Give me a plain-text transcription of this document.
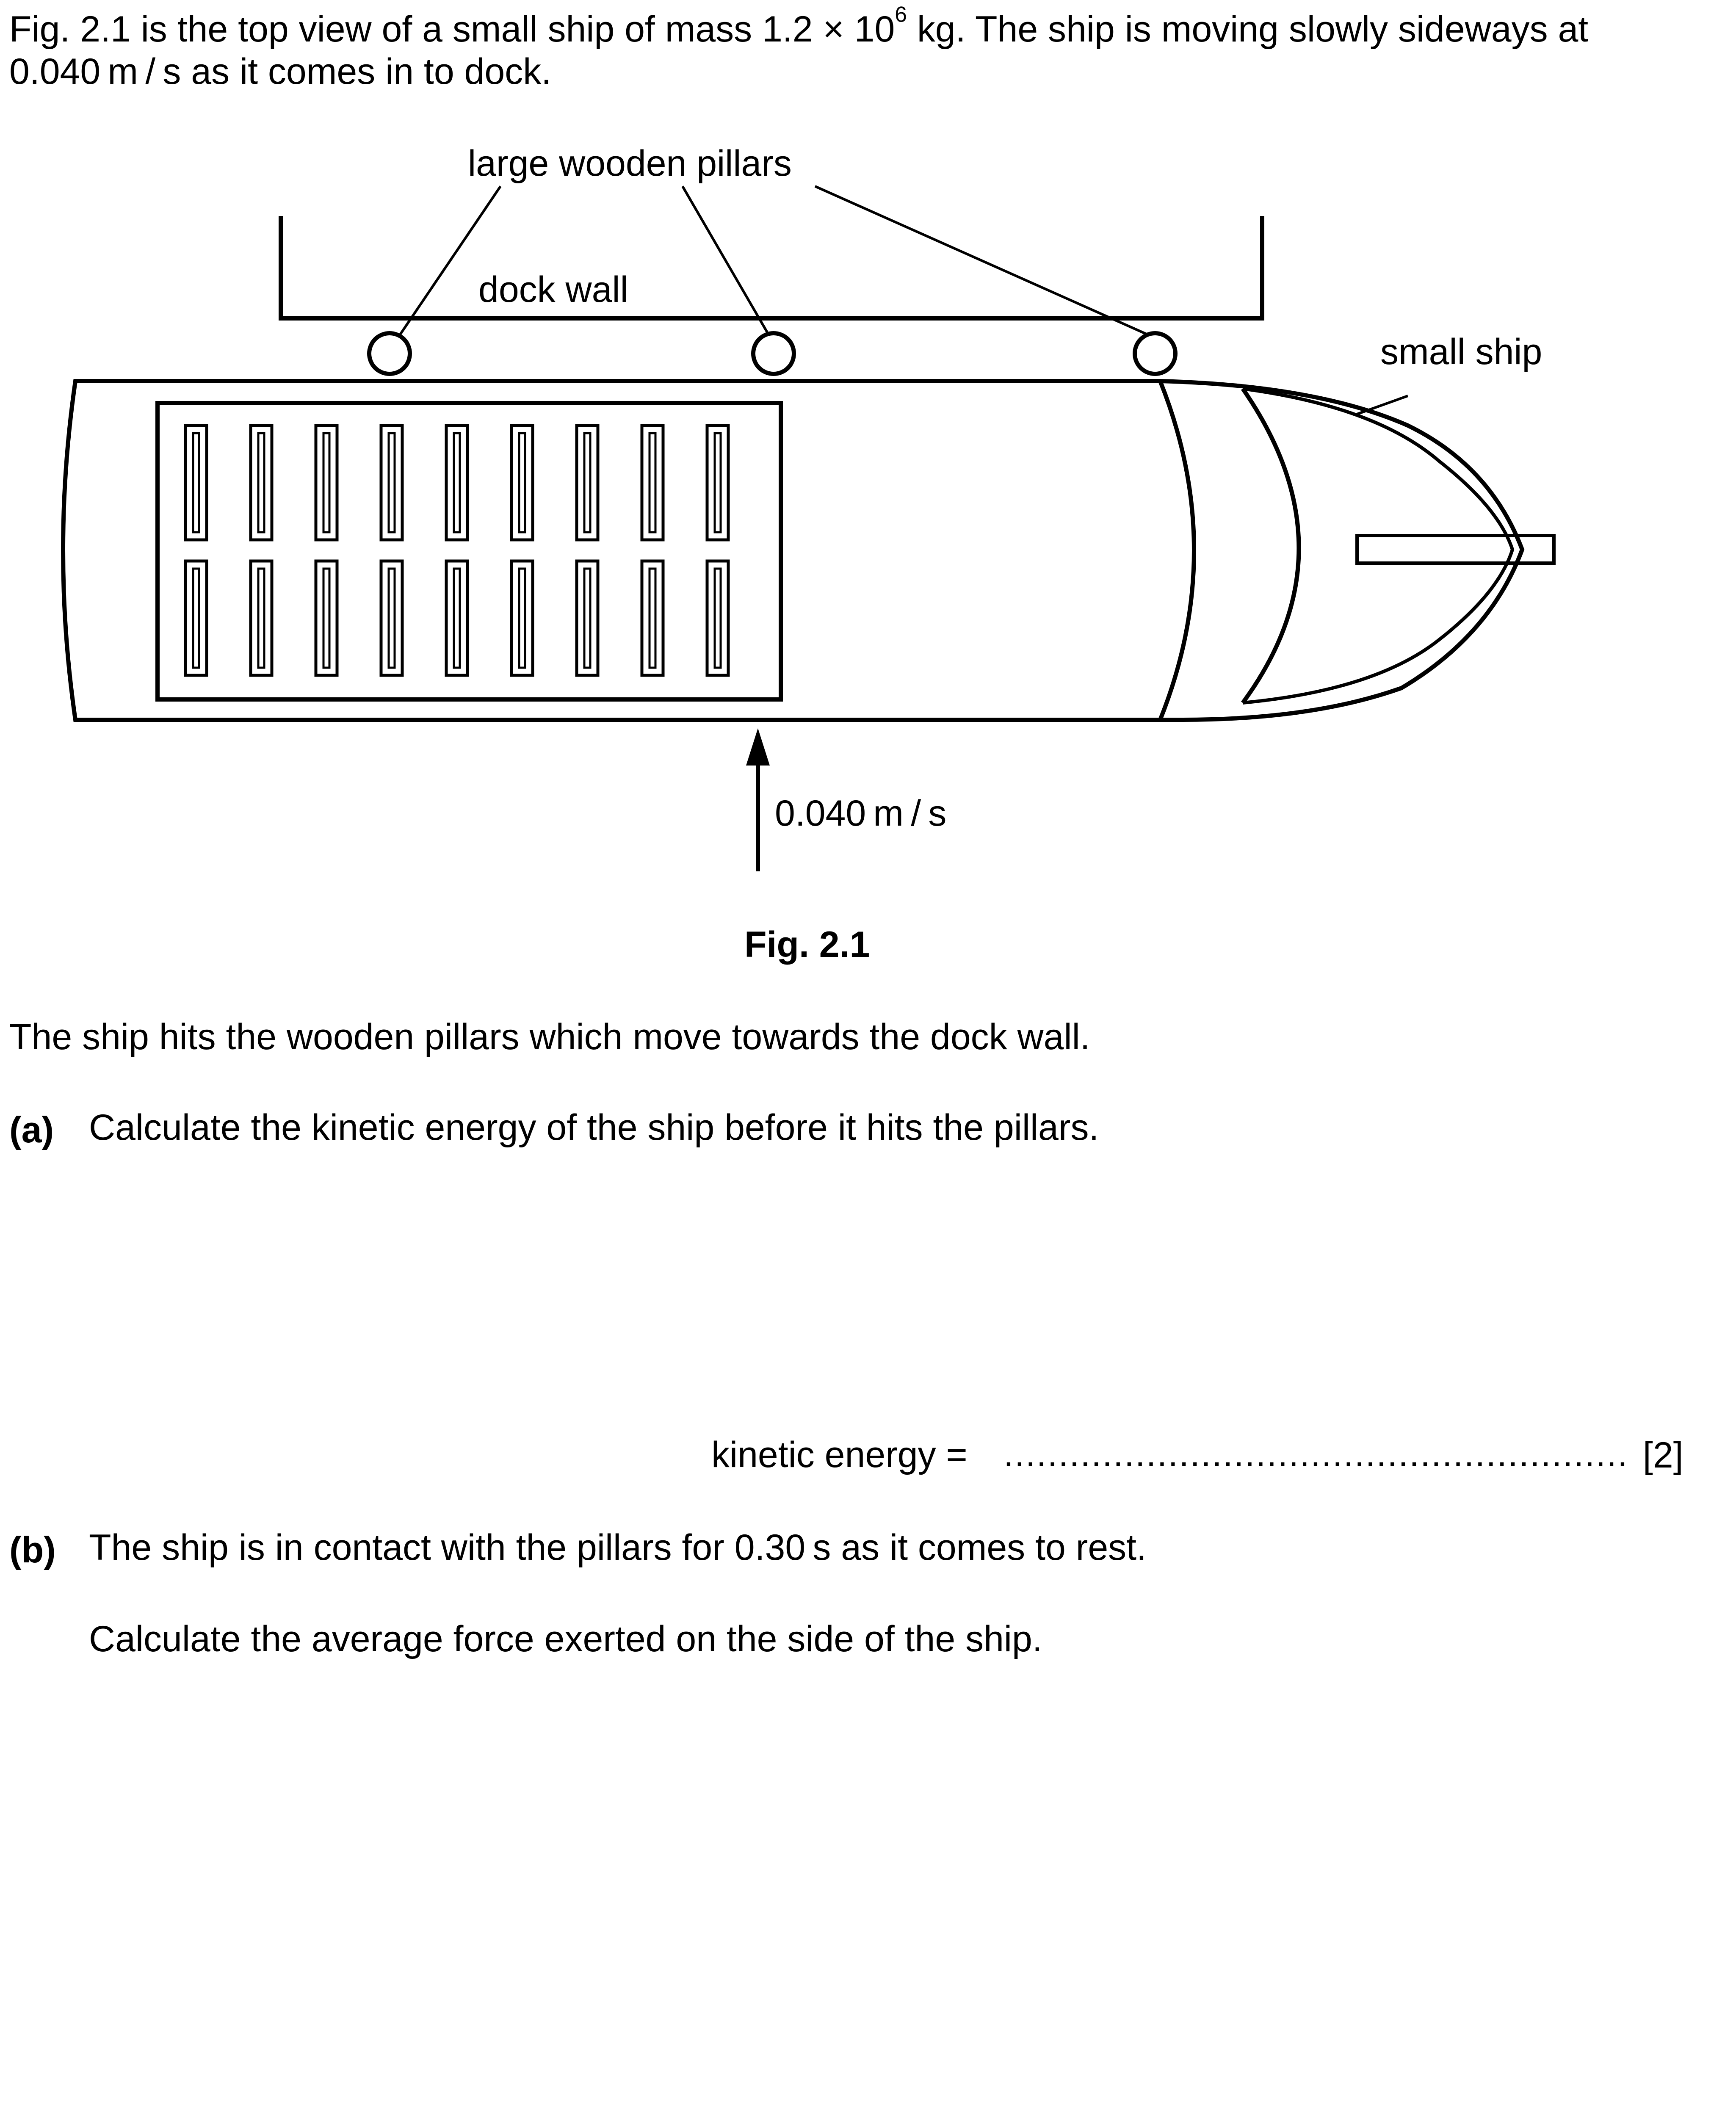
Fig. 2.1 is the top view of a small ship of mass $1.2 \times 10^6$ kg. The ship is moving slowly sideways at
0.040 m / s as it comes in to dock.
large wooden pillars
dock wall
small ship
0.040 m / s
Fig. 2.1
The ship hits the wooden pillars which move towards the dock wall.
(a) Calculate the kinetic energy of the ship before it hits the pillars.
kinetic energy = ......................................................... [2]
(b) The ship is in contact with the pillars for 0.30 s as it comes to rest.
Calculate the average force exerted on the side of the ship.
